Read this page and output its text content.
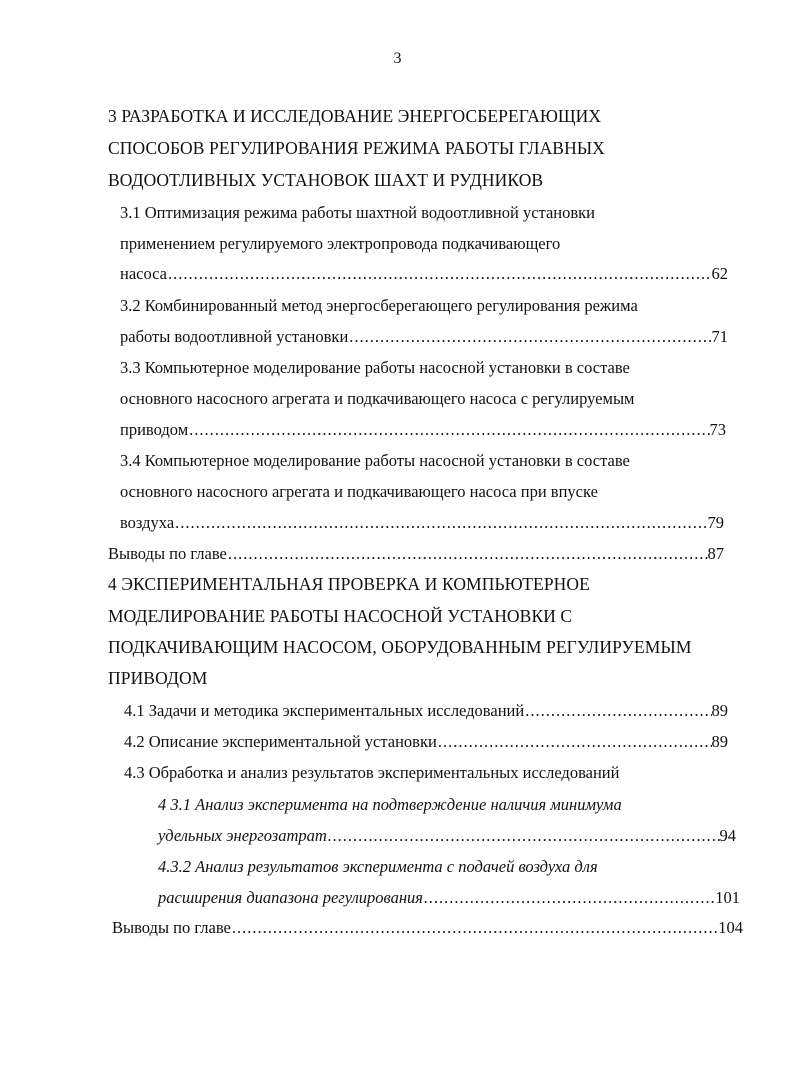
3
3 РАЗРАБОТКА И ИССЛЕДОВАНИЕ ЭНЕРГОСБЕРЕГАЮЩИХ
СПОСОБОВ РЕГУЛИРОВАНИЯ РЕЖИМА РАБОТЫ ГЛАВНЫХ
ВОДООТЛИВНЫХ УСТАНОВОК ШАХТ И РУДНИКОВ
3.1 Оптимизация режима работы шахтной водоотливной установки
применением регулируемого электропровода подкачивающего
насоса .....	62
3.2 Комбинированный метод энергосберегающего регулирования режима
работы водоотливной установки .....	71
3.3 Компьютерное моделирование работы насосной установки в составе
основного насосного агрегата и подкачивающего насоса с регулируемым
приводом .....	73
3.4 Компьютерное моделирование работы насосной установки в составе
основного насосного агрегата и подкачивающего насоса при впуске
воздуха .....	79
Выводы по главе .....	87
4 ЭКСПЕРИМЕНТАЛЬНАЯ ПРОВЕРКА И КОМПЬЮТЕРНОЕ
МОДЕЛИРОВАНИЕ РАБОТЫ НАСОСНОЙ УСТАНОВКИ С
ПОДКАЧИВАЮЩИМ НАСОСОМ, ОБОРУДОВАННЫМ РЕГУЛИРУЕМЫМ
ПРИВОДОМ
4.1 Задачи и методика экспериментальных исследований .....	89
4.2 Описание экспериментальной установки .....	89
4.3 Обработка и анализ результатов экспериментальных исследований
4 3.1 Анализ эксперимента на подтверждение наличия минимума
удельных энергозатрат .....	94
4.3.2 Анализ результатов эксперимента с подачей воздуха для
расширения диапазона регулирования .....	101
Выводы по главе .....	104
